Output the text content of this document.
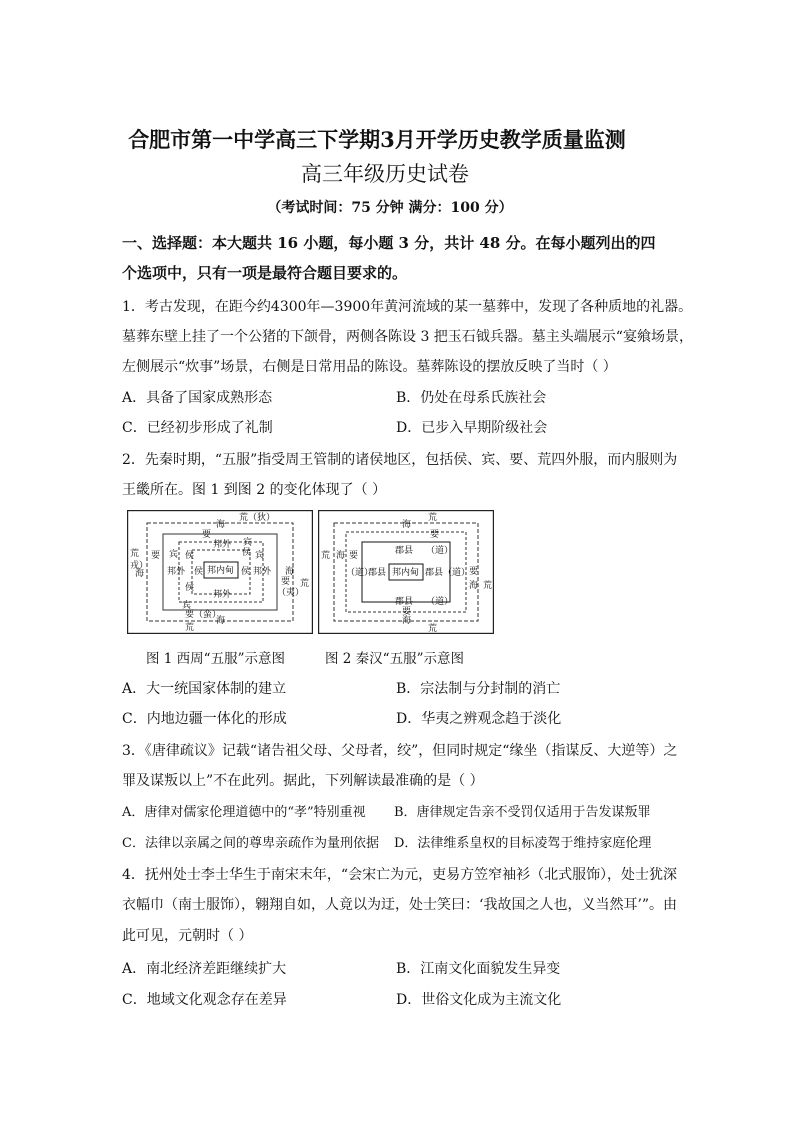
合肥市第一中学高三下学期3月开学历史教学质量监测
高三年级历史试卷
（考试时间：75 分钟 满分：100 分）
一、选择题：本大题共 16 小题，每小题 3 分，共计 48 分。在每小题列出的四
个选项中，只有一项是最符合题目要求的。
1．考古发现，在距今约4300年—3900年黄河流域的某一墓葬中，发现了各种质地的礼器。
墓葬东壁上挂了一个公猪的下颌骨，两侧各陈设 3 把玉石钺兵器。墓主头端展示“宴飨场景，
左侧展示“炊事”场景，右侧是日常用品的陈设。墓葬陈设的摆放反映了当时（ ）
A．具备了国家成熟形态	B．仍处在母系氏族社会
C．已经初步形成了礼制	D．已步入早期阶级社会
2．先秦时期，“五服”指受周王管制的诸侯地区，包括侯、宾、要、荒四外服，而内服则为
王畿所在。图 1 到图 2 的变化体现了（ ）
荒（狄）
海
要
宾
邦外
侯
荒
戎）
要 宾 侯
海	邦外 侯 邦内甸 侯 邦外
宾
要
（夷）
荒
海
侯
邦外
宾
要（蛮）
海
荒
荒
海
要
郡县 （道）
荒 海 要
（道）
郡县 邦内甸 郡县 （道）
要
海 荒
郡县 （道）
要
海
荒
图 1 西周“五服”示意图	图 2 秦汉“五服”示意图
A．大一统国家体制的建立	B．宗法制与分封制的消亡
C．内地边疆一体化的形成	D．华夷之辨观念趋于淡化
3．《唐律疏议》记载“诸告祖父母、父母者，绞”，但同时规定“缘坐（指谋反、大逆等）之
罪及谋叛以上”不在此列。据此，下列解读最准确的是（ ）
A．唐律对儒家伦理道德中的“孝”特别重视 B．唐律规定告亲不受罚仅适用于告发谋叛罪
C．法律以亲属之间的尊卑亲疏作为量刑依据 D．法律维系皇权的目标凌驾于维持家庭伦理
4．抚州处士李士华生于南宋末年，“会宋亡为元，吏易方笠窄袖衫（北式服饰），处士犹深
衣幅巾（南士服饰），翱翔自如，人竟以为迂，处士笑曰：‘我故国之人也，义当然耳’”。由
此可见，元朝时（ ）
A．南北经济差距继续扩大	B．江南文化面貌发生异变
C．地域文化观念存在差异	D．世俗文化成为主流文化
